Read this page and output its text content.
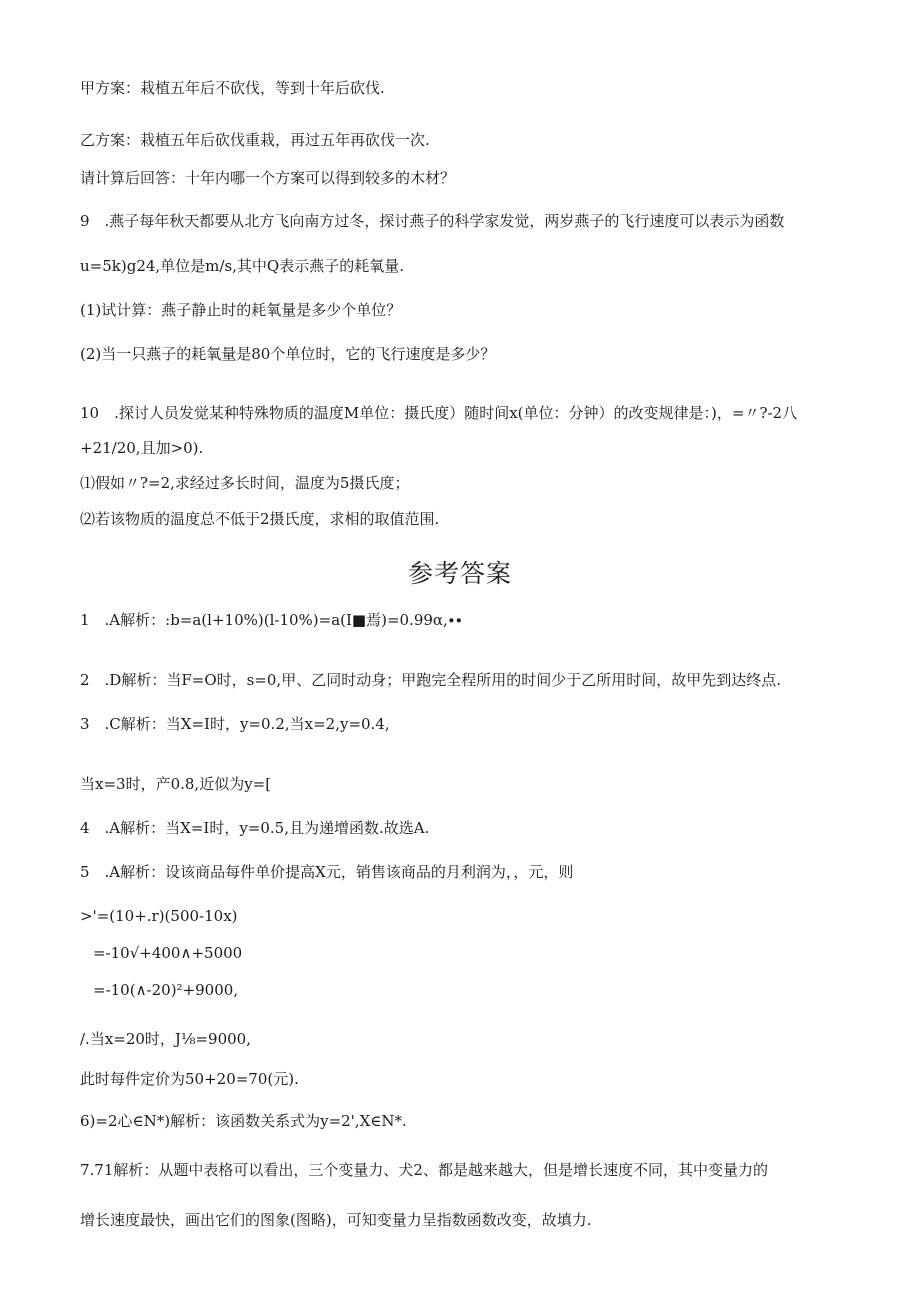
甲方案：栽植五年后不砍伐，等到十年后砍伐.
乙方案：栽植五年后砍伐重栽，再过五年再砍伐一次.
请计算后回答：十年内哪一个方案可以得到较多的木材？
9　.燕子每年秋天都要从北方飞向南方过冬，探讨燕子的科学家发觉，两岁燕子的飞行速度可以表示为函数
u=5k)g24,单位是m/s,其中Q表示燕子的耗氧量.
(1)试计算：燕子静止时的耗氧量是多少个单位？
(2)当一只燕子的耗氧量是80个单位时，它的飞行速度是多少？
10　.探讨人员发觉某种特殊物质的温度M单位：摄氏度）随时间x(单位：分钟）的改变规律是：)，=〃?-2八
+21/20,且加>0).
⑴假如〃?=2,求经过多长时间，温度为5摄氏度；
⑵若该物质的温度总不低于2摄氏度，求相的取值范围.
参考答案
1　.A解析：:b=a(l+10%)(l-10%)=a(I■焉)=0.99α,∙∙
2　.D解析：当F=O时，s=0,甲、乙同时动身；甲跑完全程所用的时间少于乙所用时间，故甲先到达终点.
3　.C解析：当X=I时，y=0.2,当x=2,y=0.4,
当x=3时，产0.8,近似为y=[
4　.A解析：当X=I时，y=0.5,且为递增函数.故选A.
5　.A解析：设该商品每件单价提高X元，销售该商品的月利润为，，元，则
>'=(10+.r)(500-10x)
=-10√+400∧+5000
=-10(∧-20)²+9000,
/.当x=20时，J⅛=9000,
此时每件定价为50+20=70(元).
6)=2心∈N*)解析：该函数关系式为y=2',X∈N*.
7.71解析：从题中表格可以看出，三个变量力、犬2、都是越来越大，但是增长速度不同，其中变量力的
增长速度最快，画出它们的图象(图略)，可知变量力呈指数函数改变，故填力.
